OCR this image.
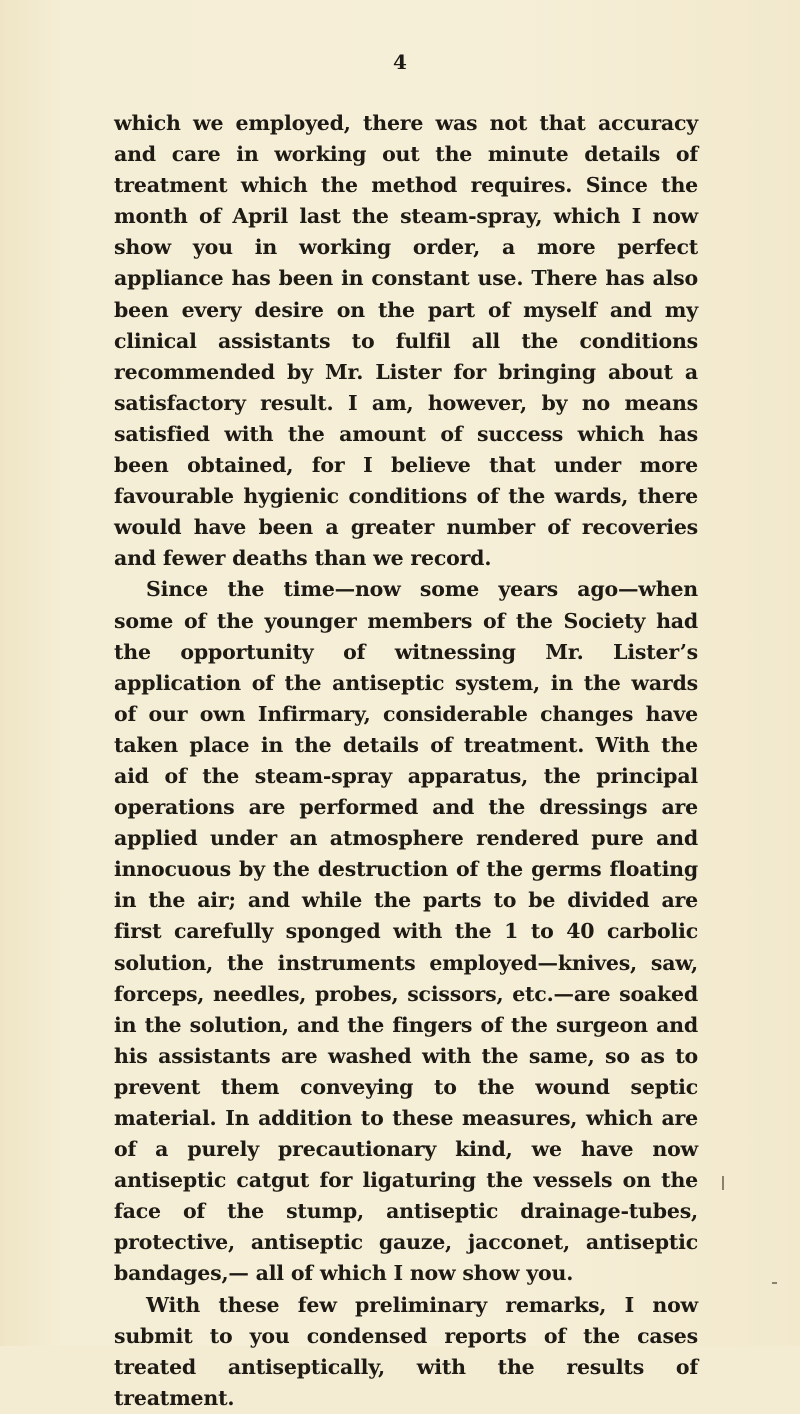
4

which we employed, there was not that accuracy and care in working out the minute details of treatment which the method requires. Since the month of April last the steam-spray, which I now show you in working order, a more perfect appliance has been in constant use. There has also been every desire on the part of myself and my clinical assistants to fulfil all the conditions recommended by Mr. Lister for bringing about a satisfactory result. I am, however, by no means satisfied with the amount of success which has been obtained, for I believe that under more favourable hygienic conditions of the wards, there would have been a greater number of recoveries and fewer deaths than we record.

Since the time—now some years ago—when some of the younger members of the Society had the opportunity of witnessing Mr. Lister’s application of the antiseptic system, in the wards of our own Infirmary, considerable changes have taken place in the details of treatment. With the aid of the steam-spray apparatus, the principal operations are performed and the dressings are applied under an atmosphere rendered pure and innocuous by the destruction of the germs floating in the air; and while the parts to be divided are first carefully sponged with the 1 to 40 carbolic solution, the instruments employed—knives, saw, forceps, needles, probes, scissors, etc.—are soaked in the solution, and the fingers of the surgeon and his assistants are washed with the same, so as to prevent them conveying to the wound septic material. In addition to these measures, which are of a purely precautionary kind, we have now antiseptic catgut for ligaturing the vessels on the face of the stump, antiseptic drainage-tubes, protective, antiseptic gauze, jacconet, antiseptic bandages,— all of which I now show you.

With these few preliminary remarks, I now submit to you condensed reports of the cases treated antiseptically, with the results of treatment.
